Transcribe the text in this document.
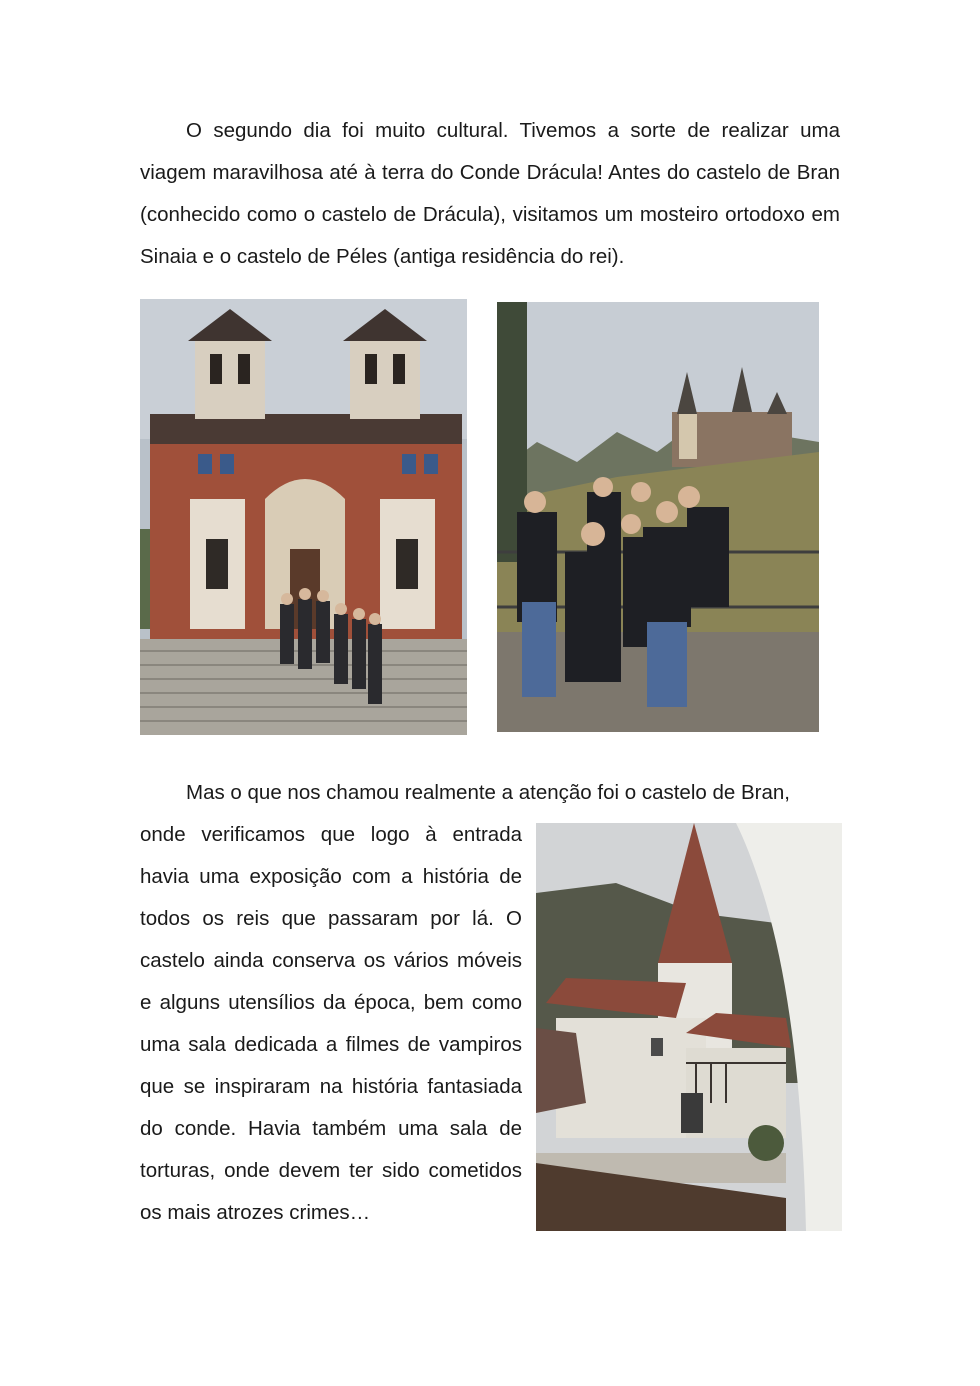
O segundo dia foi muito cultural. Tivemos a sorte de realizar uma viagem maravilhosa até à terra do Conde Drácula! Antes do castelo de Bran (conhecido como o castelo de Drácula), visitamos um mosteiro ortodoxo em Sinaia e o castelo de Péles (antiga residência do rei).

Mas o que nos chamou realmente a atenção foi o castelo de Bran,

onde verificamos que logo à entrada havia uma exposição com a história de todos os reis que passaram por lá. O castelo ainda conserva os vários móveis e alguns utensílios da época, bem como uma sala dedicada a filmes de vampiros que se inspiraram na história fantasiada do conde. Havia também uma sala de torturas, onde devem ter sido cometidos os mais atrozes crimes…
